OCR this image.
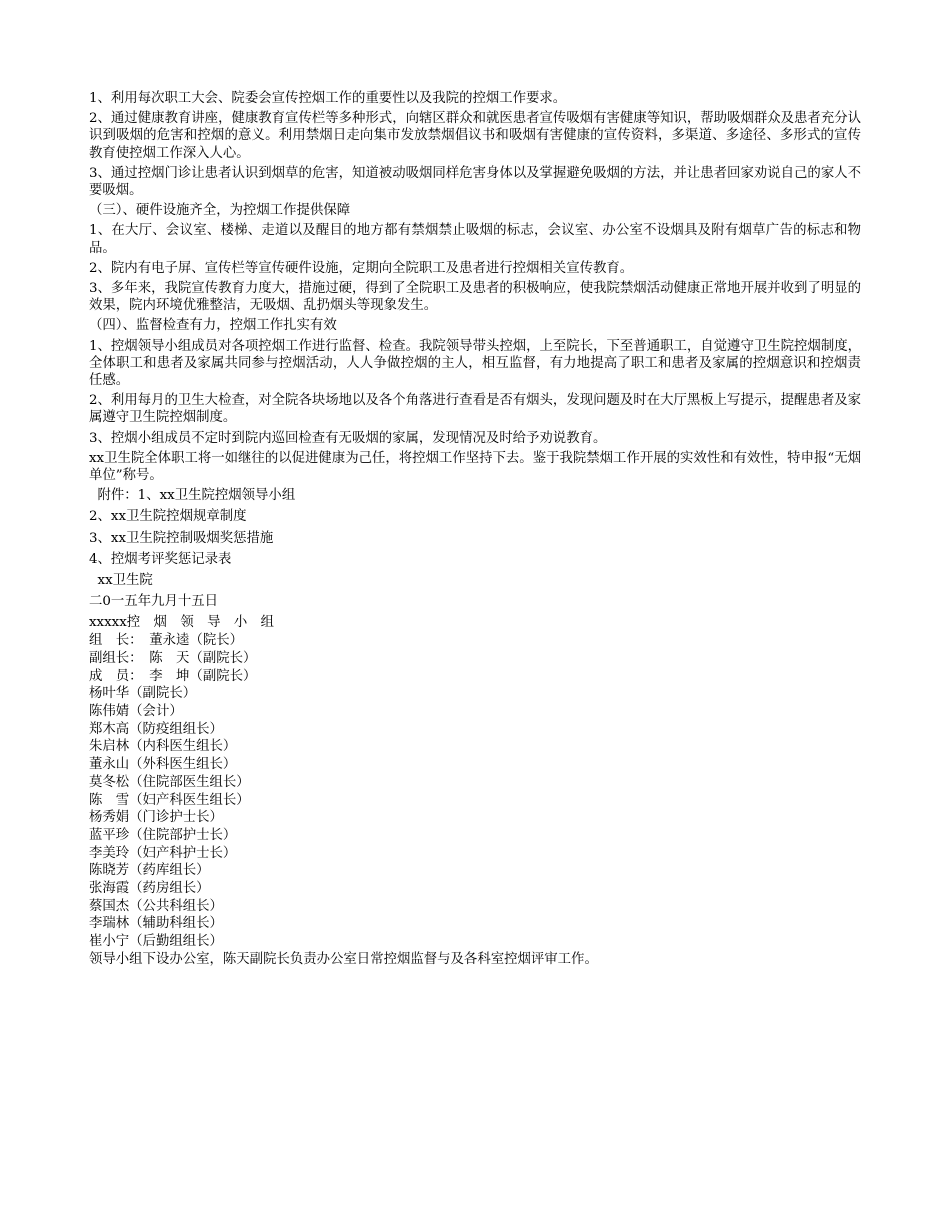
1、利用每次职工大会、院委会宣传控烟工作的重要性以及我院的控烟工作要求。

2、通过健康教育讲座，健康教育宣传栏等多种形式，向辖区群众和就医患者宣传吸烟有害健康等知识，帮助吸烟群众及患者充分认识到吸烟的危害和控烟的意义。利用禁烟日走向集市发放禁烟倡议书和吸烟有害健康的宣传资料，多渠道、多途径、多形式的宣传教育使控烟工作深入人心。

3、通过控烟门诊让患者认识到烟草的危害，知道被动吸烟同样危害身体以及掌握避免吸烟的方法，并让患者回家劝说自己的家人不要吸烟。

（三）、硬件设施齐全，为控烟工作提供保障

1、在大厅、会议室、楼梯、走道以及醒目的地方都有禁烟禁止吸烟的标志，会议室、办公室不设烟具及附有烟草广告的标志和物品。

2、院内有电子屏、宣传栏等宣传硬件设施，定期向全院职工及患者进行控烟相关宣传教育。

3、多年来，我院宣传教育力度大，措施过硬，得到了全院职工及患者的积极响应，使我院禁烟活动健康正常地开展并收到了明显的效果，院内环境优雅整洁，无吸烟、乱扔烟头等现象发生。

（四）、监督检查有力，控烟工作扎实有效

1、控烟领导小组成员对各项控烟工作进行监督、检查。我院领导带头控烟，上至院长，下至普通职工，自觉遵守卫生院控烟制度，全体职工和患者及家属共同参与控烟活动，人人争做控烟的主人，相互监督，有力地提高了职工和患者及家属的控烟意识和控烟责任感。

2、利用每月的卫生大检查，对全院各块场地以及各个角落进行查看是否有烟头，发现问题及时在大厅黑板上写提示，提醒患者及家属遵守卫生院控烟制度。

3、控烟小组成员不定时到院内巡回检查有无吸烟的家属，发现情况及时给予劝说教育。

xx卫生院全体职工将一如继往的以促进健康为己任，将控烟工作坚持下去。鉴于我院禁烟工作开展的实效性和有效性，特申报“无烟单位”称号。

附件：1、xx卫生院控烟领导小组

2、xx卫生院控烟规章制度

3、xx卫生院控制吸烟奖惩措施

4、控烟考评奖惩记录表

xx卫生院

二0一五年九月十五日

xxxxx控　烟　领　导　小　组

组　长：　董永逵（院长）

副组长：　陈　天（副院长）

成　员：　李　坤（副院长）

杨叶华（副院长）

陈伟婧（会计）

郑木高（防疫组组长）

朱启林（内科医生组长）

董永山（外科医生组长）

莫冬松（住院部医生组长）

陈　雪（妇产科医生组长）

杨秀娟（门诊护士长）

蓝平珍（住院部护士长）

李美玲（妇产科护士长）

陈晓芳（药库组长）

张海霞（药房组长）

蔡国杰（公共科组长）

李瑞林（辅助科组长）

崔小宁（后勤组组长）

领导小组下设办公室，陈天副院长负责办公室日常控烟监督与及各科室控烟评审工作。
